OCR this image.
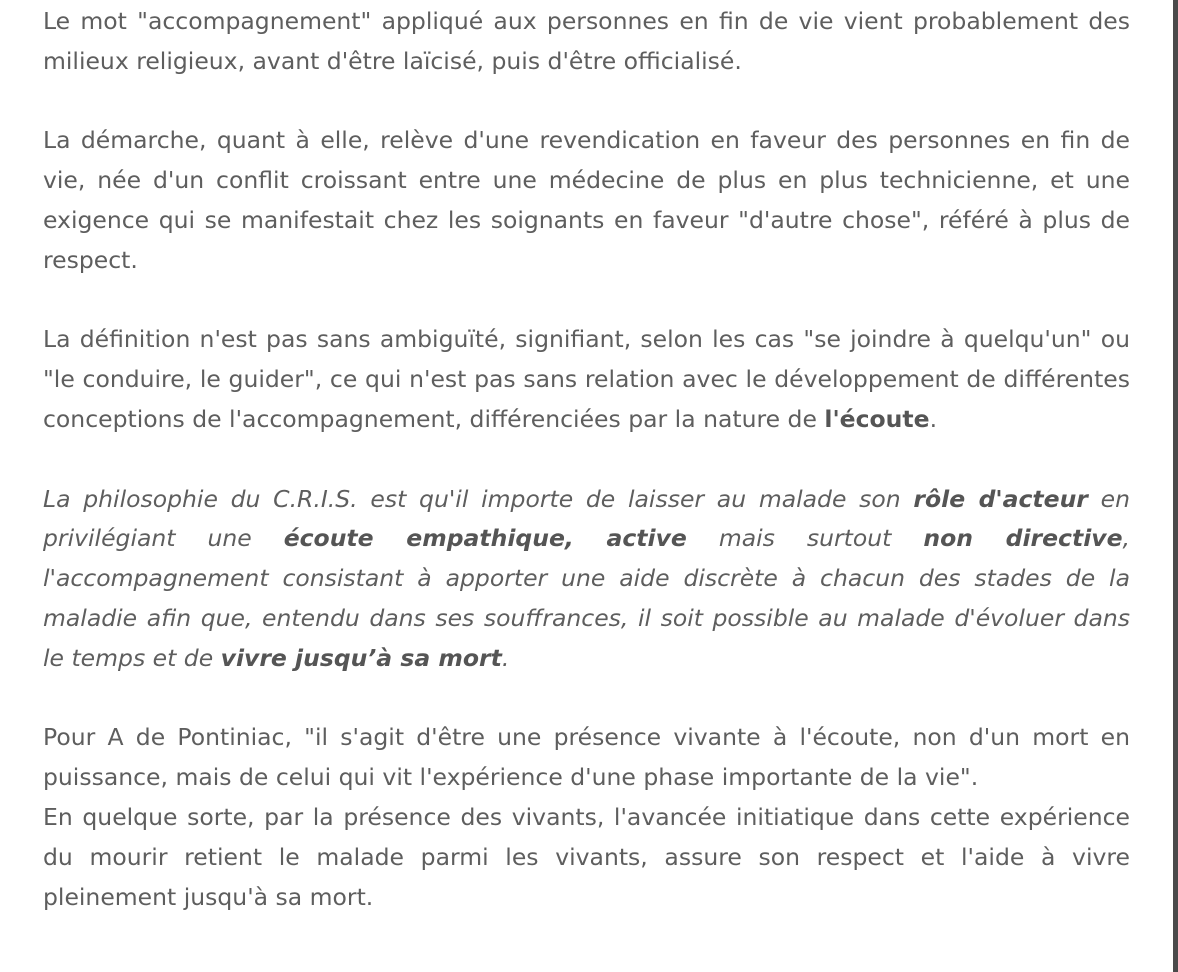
Le mot "accompagnement" appliqué aux personnes en fin de vie vient probablement des milieux religieux, avant d'être laïcisé, puis d'être officialisé.

La démarche, quant à elle, relève d'une revendication en faveur des personnes en fin de vie, née d'un conflit croissant entre une médecine de plus en plus technicienne, et une exigence qui se manifestait chez les soignants en faveur "d'autre chose", référé à plus de respect.

La définition n'est pas sans ambiguïté, signifiant, selon les cas "se joindre à quelqu'un" ou "le conduire, le guider", ce qui n'est pas sans relation avec le développement de différentes conceptions de l'accompagnement, différenciées par la nature de l'écoute.

La philosophie du C.R.I.S. est qu'il importe de laisser au malade son rôle d'acteur en privilégiant une écoute empathique, active mais surtout non directive, l'accompagnement consistant à apporter une aide discrète à chacun des stades de la maladie afin que, entendu dans ses souffrances, il soit possible au malade d'évoluer dans le temps et de vivre jusqu’à sa mort.

Pour A de Pontiniac, "il s'agit d'être une présence vivante à l'écoute, non d'un mort en puissance, mais de celui qui vit l'expérience d'une phase importante de la vie".

En quelque sorte, par la présence des vivants, l'avancée initiatique dans cette expérience du mourir retient le malade parmi les vivants, assure son respect et l'aide à vivre pleinement jusqu'à sa mort.
